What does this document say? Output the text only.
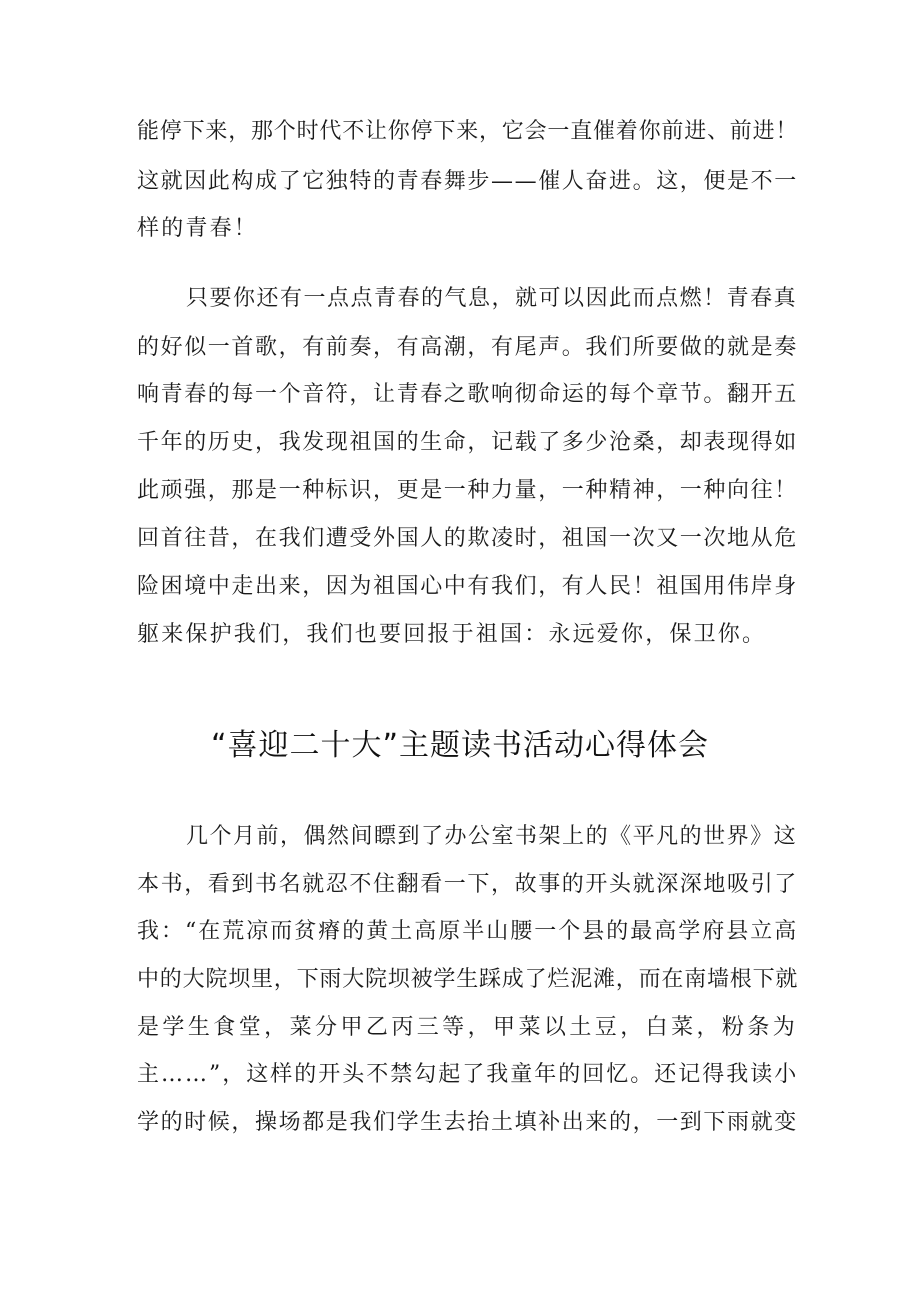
能停下来，那个时代不让你停下来，它会一直催着你前进、前进！
这就因此构成了它独特的青春舞步——催人奋进。这，便是不一
样的青春！
只要你还有一点点青春的气息，就可以因此而点燃！青春真
的好似一首歌，有前奏，有高潮，有尾声。我们所要做的就是奏
响青春的每一个音符，让青春之歌响彻命运的每个章节。翻开五
千年的历史，我发现祖国的生命，记载了多少沧桑，却表现得如
此顽强，那是一种标识，更是一种力量，一种精神，一种向往！
回首往昔，在我们遭受外国人的欺凌时，祖国一次又一次地从危
险困境中走出来，因为祖国心中有我们，有人民！祖国用伟岸身
躯来保护我们，我们也要回报于祖国：永远爱你，保卫你。
“喜迎二十大”主题读书活动心得体会
几个月前，偶然间瞟到了办公室书架上的《平凡的世界》这
本书，看到书名就忍不住翻看一下，故事的开头就深深地吸引了
我：“在荒凉而贫瘠的黄土高原半山腰一个县的最高学府县立高
中的大院坝里，下雨大院坝被学生踩成了烂泥滩，而在南墙根下就
是学生食堂，菜分甲乙丙三等，甲菜以土豆，白菜，粉条为
主……”，这样的开头不禁勾起了我童年的回忆。还记得我读小
学的时候，操场都是我们学生去抬土填补出来的，一到下雨就变
